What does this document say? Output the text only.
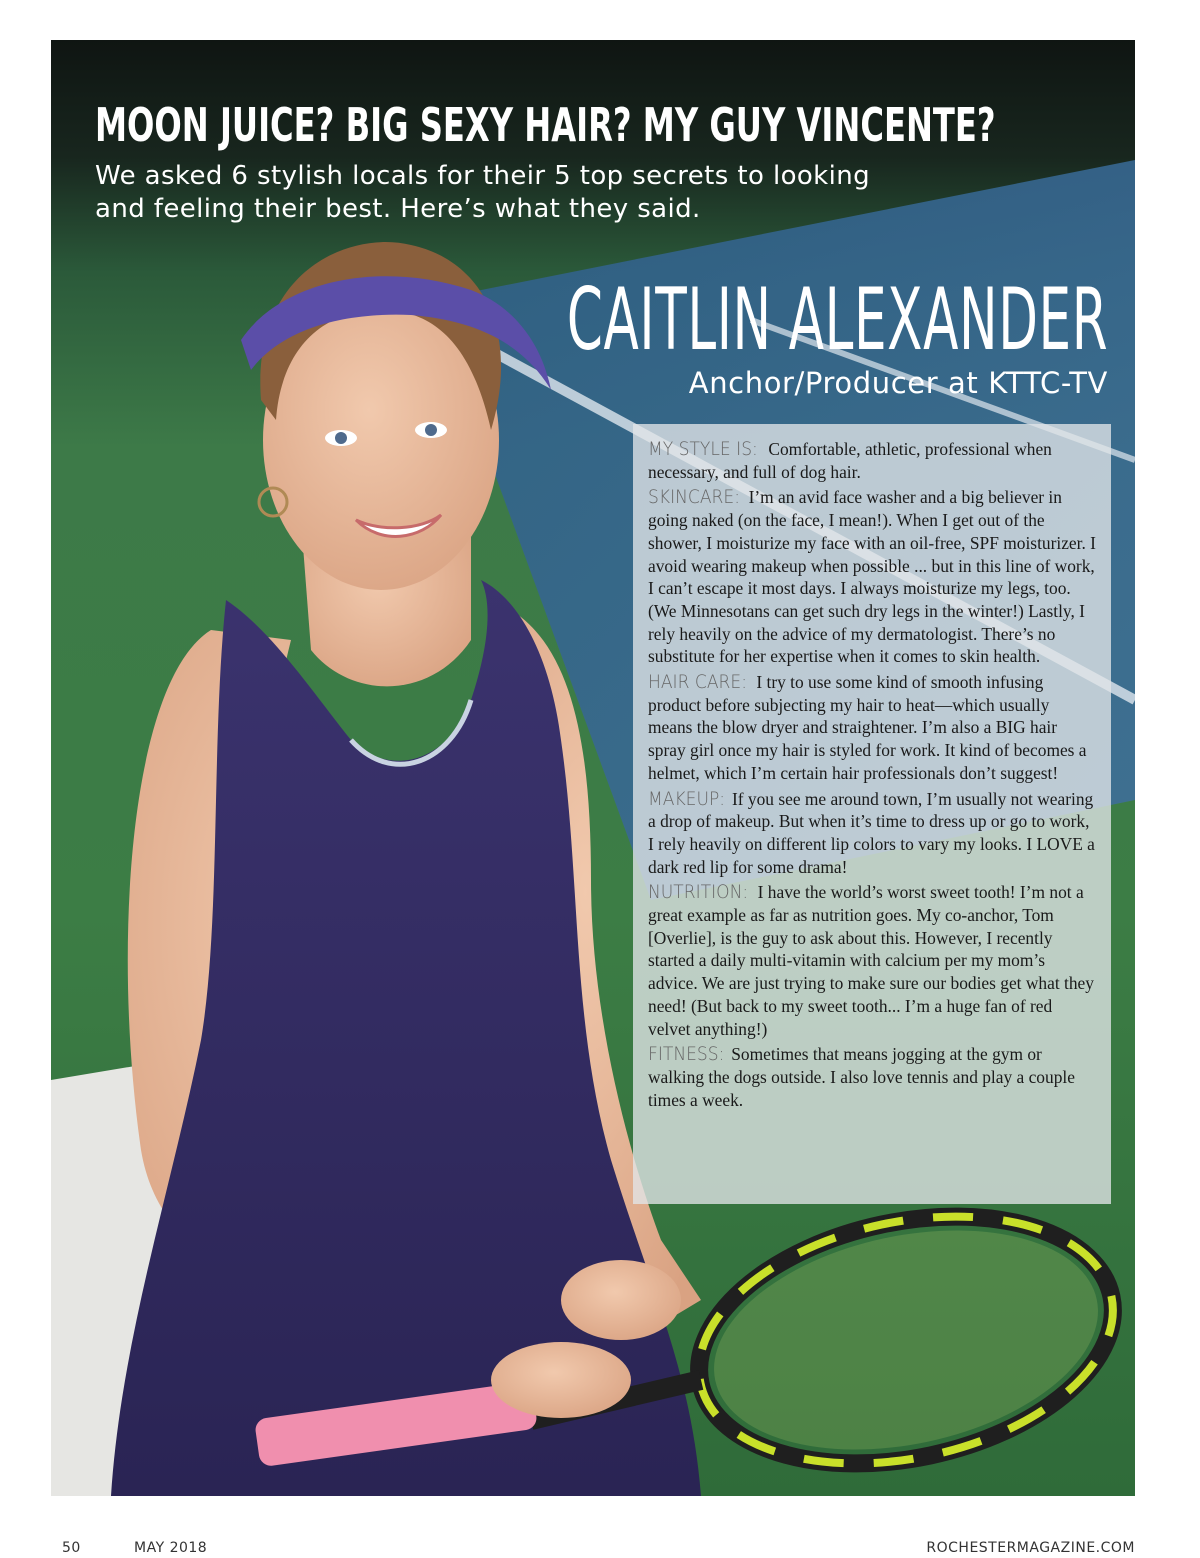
MOON JUICE? BIG SEXY HAIR? MY GUY VINCENTE?

We asked 6 stylish locals for their 5 top secrets to looking and feeling their best. Here’s what they said.

CAITLIN ALEXANDER

Anchor/Producer at KTTC-TV

MY STYLE IS: Comfortable, athletic, professional when necessary, and full of dog hair.

SKINCARE: I’m an avid face washer and a big believer in going naked (on the face, I mean!). When I get out of the shower, I moisturize my face with an oil-free, SPF moisturizer. I avoid wearing makeup when possible ... but in this line of work, I can’t escape it most days. I always moisturize my legs, too. (We Minnesotans can get such dry legs in the winter!) Lastly, I rely heavily on the advice of my dermatologist. There’s no substitute for her expertise when it comes to skin health.

HAIR CARE: I try to use some kind of smooth infusing product before subjecting my hair to heat—which usually means the blow dryer and straightener. I’m also a BIG hair spray girl once my hair is styled for work. It kind of becomes a helmet, which I’m certain hair professionals don’t suggest!

MAKEUP: If you see me around town, I’m usually not wearing a drop of makeup. But when it’s time to dress up or go to work, I rely heavily on different lip colors to vary my looks. I LOVE a dark red lip for some drama!

NUTRITION: I have the world’s worst sweet tooth! I’m not a great example as far as nutrition goes. My co-anchor, Tom [Overlie], is the guy to ask about this. However, I recently started a daily multi-vitamin with calcium per my mom’s advice. We are just trying to make sure our bodies get what they need! (But back to my sweet tooth... I’m a huge fan of red velvet anything!)

FITNESS: Sometimes that means jogging at the gym or walking the dogs outside. I also love tennis and play a couple times a week.

50	MAY 2018	ROCHESTERMAGAZINE.COM
